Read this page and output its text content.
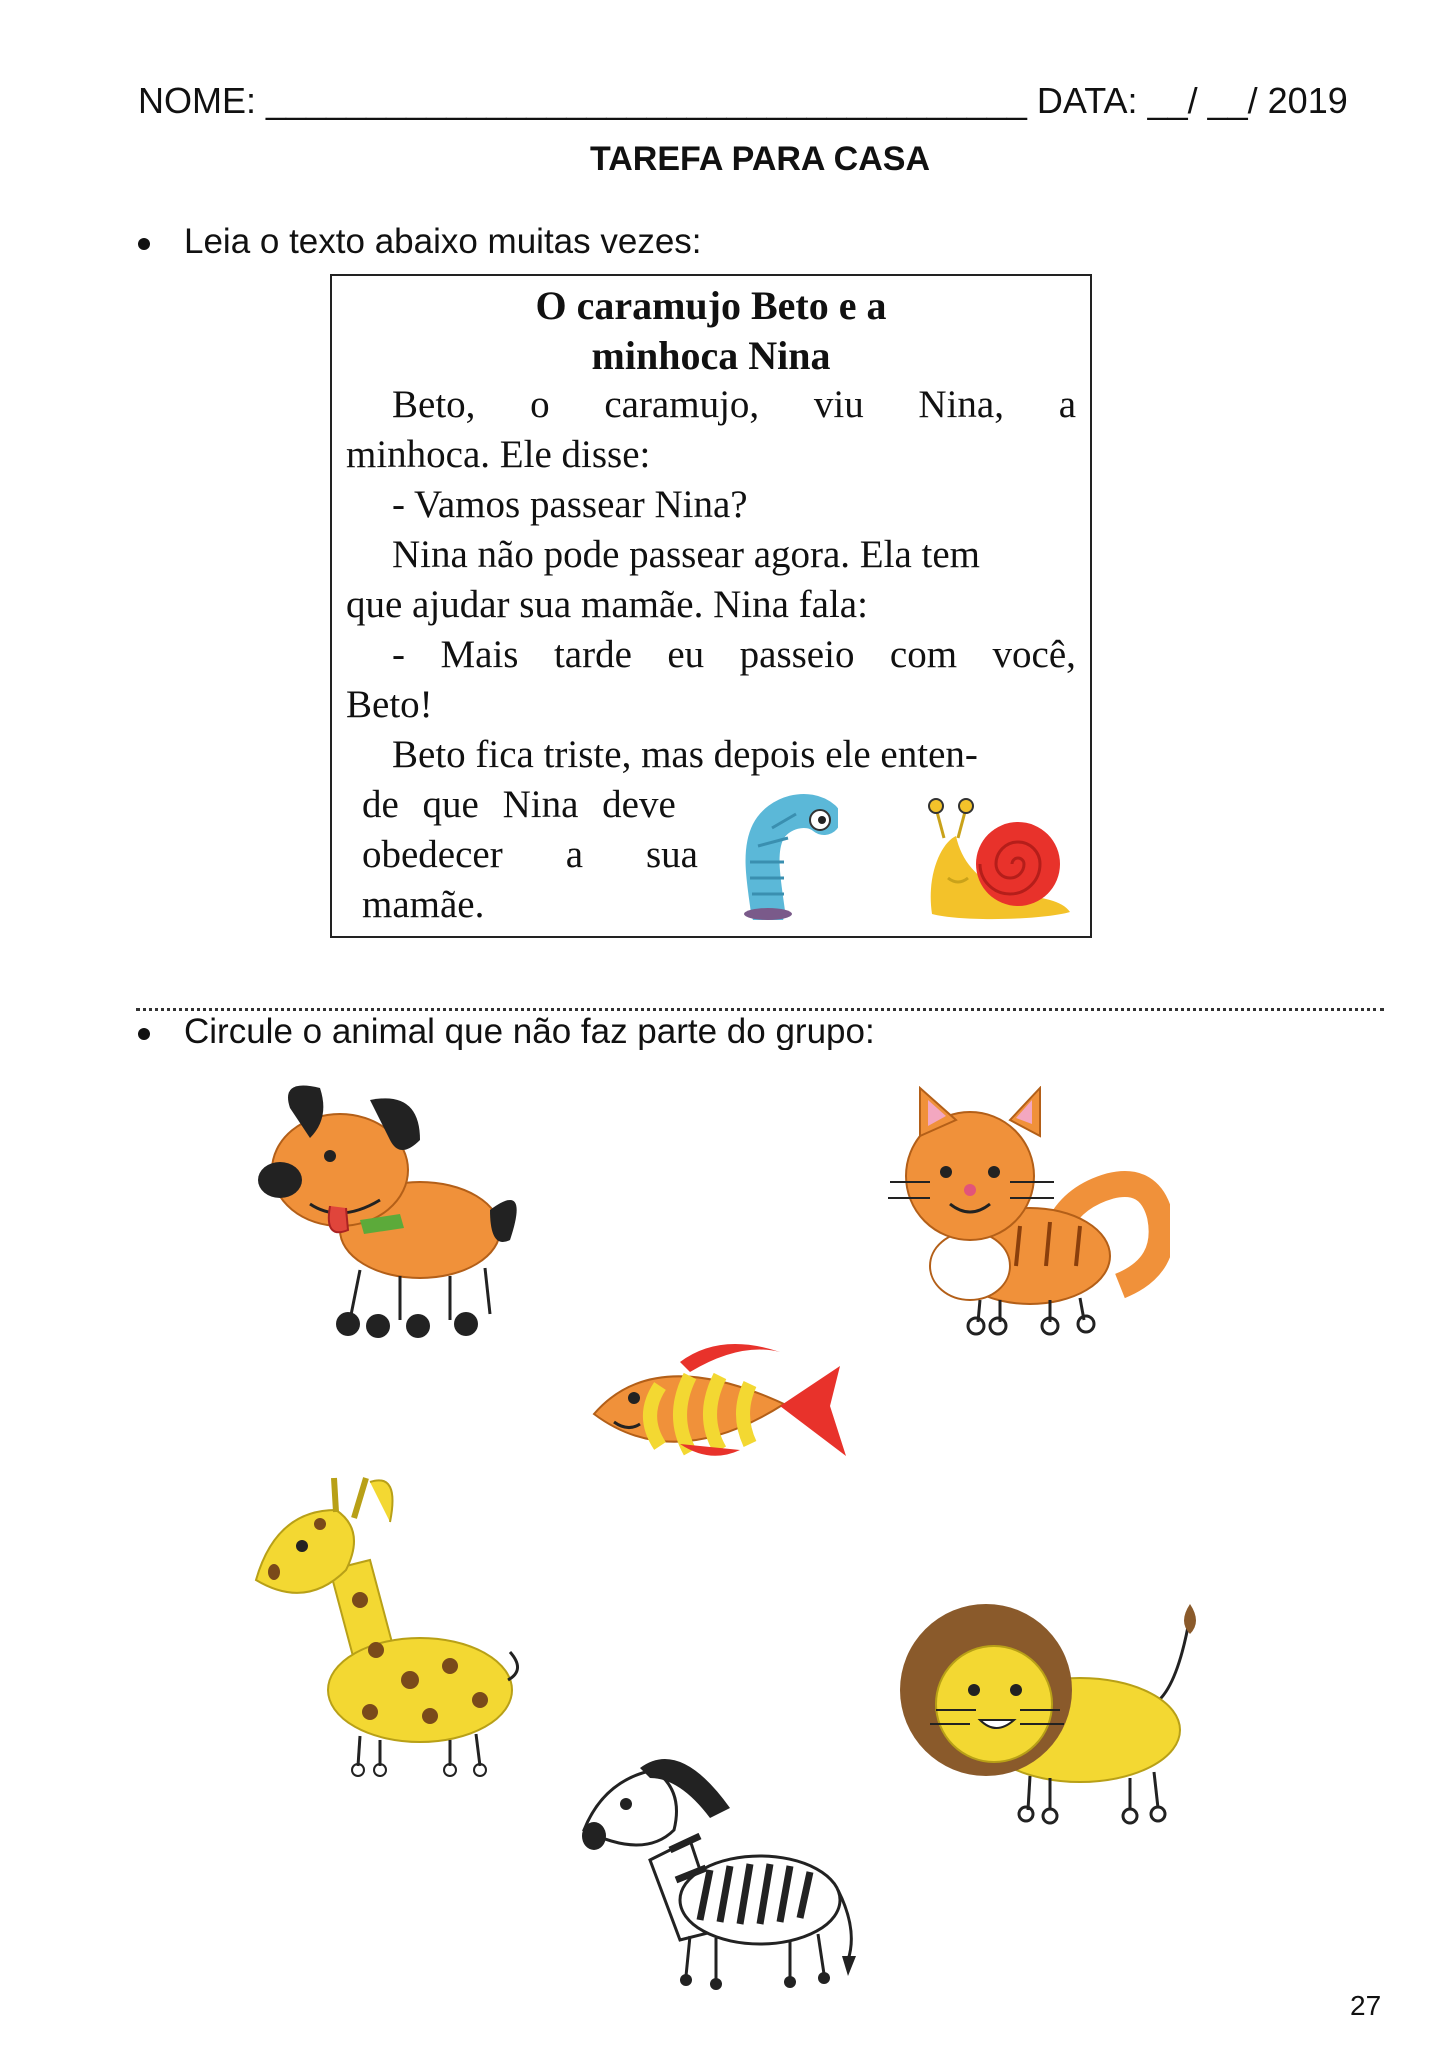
NOME: ______________________________________ DATA: __/ __/ 2019
TAREFA PARA CASA
Leia o texto abaixo muitas vezes:
O caramujo Beto e a
minhoca Nina
Beto, o caramujo, viu Nina, a
minhoca. Ele disse:
- Vamos passear Nina?
Nina não pode passear agora. Ela tem
que ajudar sua mamãe. Nina fala:
- Mais tarde eu passeio com você,
Beto!
Beto fica triste, mas depois ele enten-
de que Nina deve
obedecer a sua
mamãe.
Circule o animal que não faz parte do grupo:
27
